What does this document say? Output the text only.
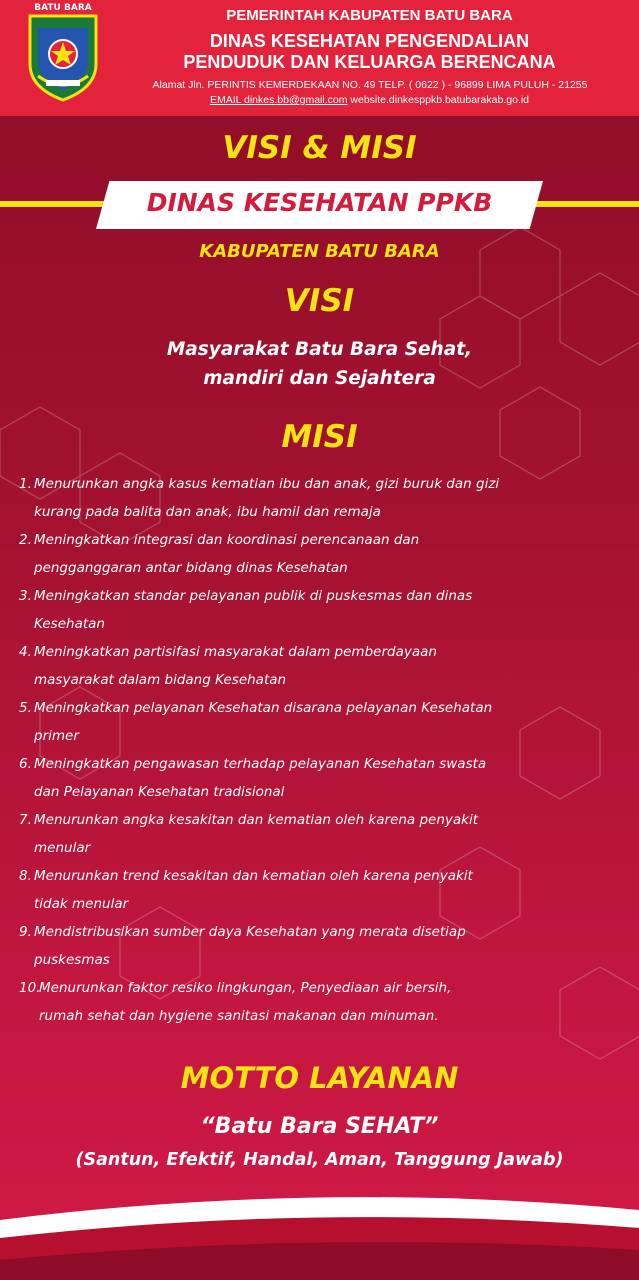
BATU BARA	PEMERINTAH KABUPATEN BATU BARA
DINAS KESEHATAN PENGENDALIAN
PENDUDUK DAN KELUARGA BERENCANA
Alamat Jln. PERINTIS KEMERDEKAAN NO. 49 TELP. ( 0622 ) - 96899 LIMA PULUH - 21255
EMAIL dinkes.bb@gmail.com website.dinkesppkb.batubarakab.go.id
VISI & MISI
DINAS KESEHATAN PPKB
KABUPATEN BATU BARA
VISI
Masyarakat Batu Bara Sehat,
mandiri dan Sejahtera
MISI
1. Menurunkan angka kasus kematian ibu dan anak, gizi buruk dan gizi
kurang pada balita dan anak, ibu hamil dan remaja
2. Meningkatkan integrasi dan koordinasi perencanaan dan
pengganggaran antar bidang dinas Kesehatan
3. Meningkatkan standar pelayanan publik di puskesmas dan dinas
Kesehatan
4. Meningkatkan partisifasi masyarakat dalam pemberdayaan
masyarakat dalam bidang Kesehatan
5. Meningkatkan pelayanan Kesehatan disarana pelayanan Kesehatan
primer
6. Meningkatkan pengawasan terhadap pelayanan Kesehatan swasta
dan Pelayanan Kesehatan tradisional
7. Menurunkan angka kesakitan dan kematian oleh karena penyakit
menular
8. Menurunkan trend kesakitan dan kematian oleh karena penyakit
tidak menular
9. Mendistribusikan sumber daya Kesehatan yang merata disetiap
puskesmas
10.
Menurunkan faktor resiko lingkungan, Penyediaan air bersih,
rumah sehat dan hygiene sanitasi makanan dan minuman.
MOTTO LAYANAN
“Batu Bara SEHAT”
(Santun, Efektif, Handal, Aman, Tanggung Jawab)
